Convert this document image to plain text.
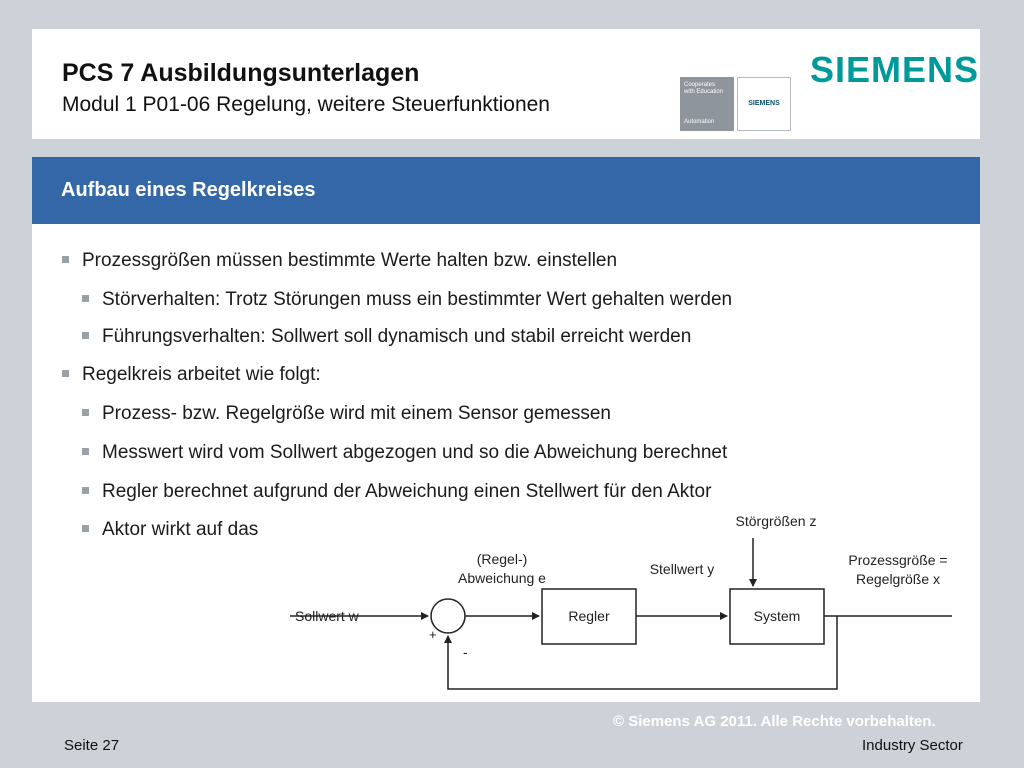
PCS 7 Ausbildungsunterlagen
Modul 1 P01-06 Regelung, weitere Steuerfunktionen
Cooperates
with Education
Automation
SIEMENS
SIEMENS
Aufbau eines Regelkreises
Prozessgrößen müssen bestimmte Werte halten bzw. einstellen
Störverhalten: Trotz Störungen muss ein bestimmter Wert gehalten werden
Führungsverhalten: Sollwert soll dynamisch und stabil erreicht werden
Regelkreis arbeitet wie folgt:
Prozess- bzw. Regelgröße wird mit einem Sensor gemessen
Messwert wird vom Sollwert abgezogen und so die Abweichung berechnet
Regler berechnet aufgrund der Abweichung einen Stellwert für den Aktor
Aktor wirkt auf das
Sollwert w
+
-
(Regel-)
Abweichung e
Stellwert y
Störgrößen z
Prozessgröße =
Regelgröße x
Regler	System
© Siemens AG 2011. Alle Rechte vorbehalten.
Seite 27	Industry Sector
